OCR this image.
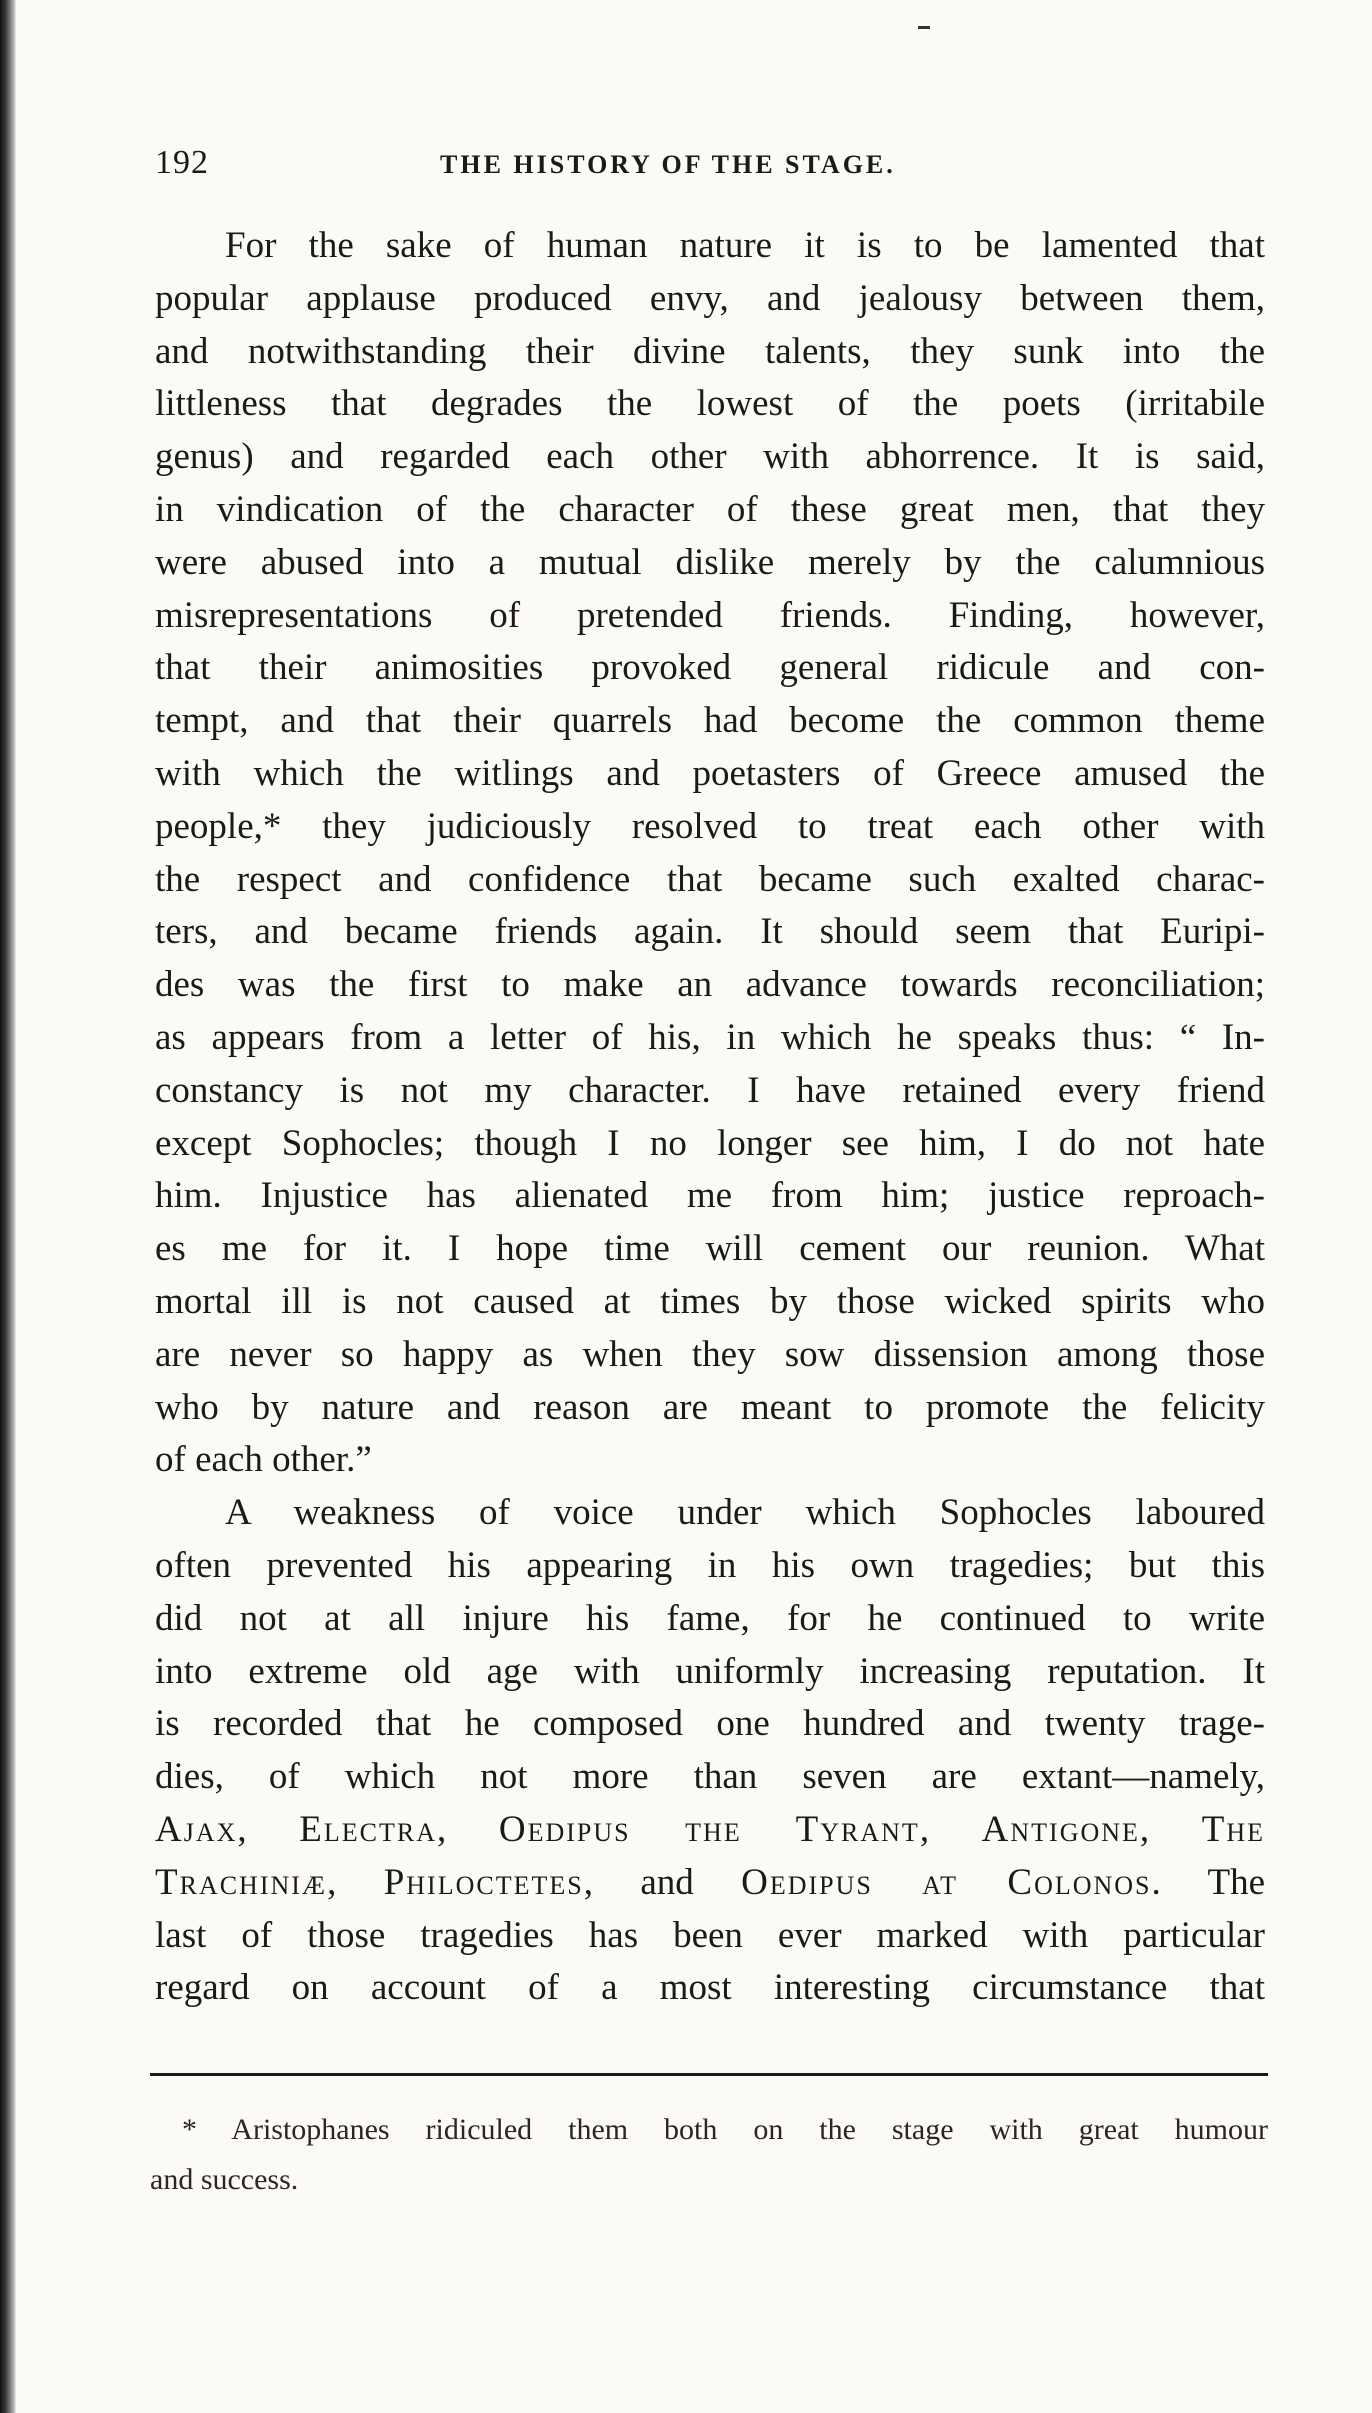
192	THE HISTORY OF THE STAGE.
For the sake of human nature it is to be lamented that
popular applause produced envy, and jealousy between them,
and notwithstanding their divine talents, they sunk into the
littleness that degrades the lowest of the poets (irritabile
genus) and regarded each other with abhorrence. It is said,
in vindication of the character of these great men, that they
were abused into a mutual dislike merely by the calumnious
misrepresentations of pretended friends. Finding, however,
that their animosities provoked general ridicule and con-
tempt, and that their quarrels had become the common theme
with which the witlings and poetasters of Greece amused the
people,* they judiciously resolved to treat each other with
the respect and confidence that became such exalted charac-
ters, and became friends again. It should seem that Euripi-
des was the first to make an advance towards reconciliation;
as appears from a letter of his, in which he speaks thus: “ In-
constancy is not my character. I have retained every friend
except Sophocles; though I no longer see him, I do not hate
him. Injustice has alienated me from him; justice reproach-
es me for it. I hope time will cement our reunion. What
mortal ill is not caused at times by those wicked spirits who
are never so happy as when they sow dissension among those
who by nature and reason are meant to promote the felicity
of each other.”
A weakness of voice under which Sophocles laboured
often prevented his appearing in his own tragedies; but this
did not at all injure his fame, for he continued to write
into extreme old age with uniformly increasing reputation. It
is recorded that he composed one hundred and twenty trage-
dies, of which not more than seven are extant—namely,
Ajax, Electra, Oedipus the Tyrant, Antigone, The
Trachiniæ, Philoctetes, and Oedipus at Colonos. The
last of those tragedies has been ever marked with particular
regard on account of a most interesting circumstance that
* Aristophanes ridiculed them both on the stage with great humour
and success.
